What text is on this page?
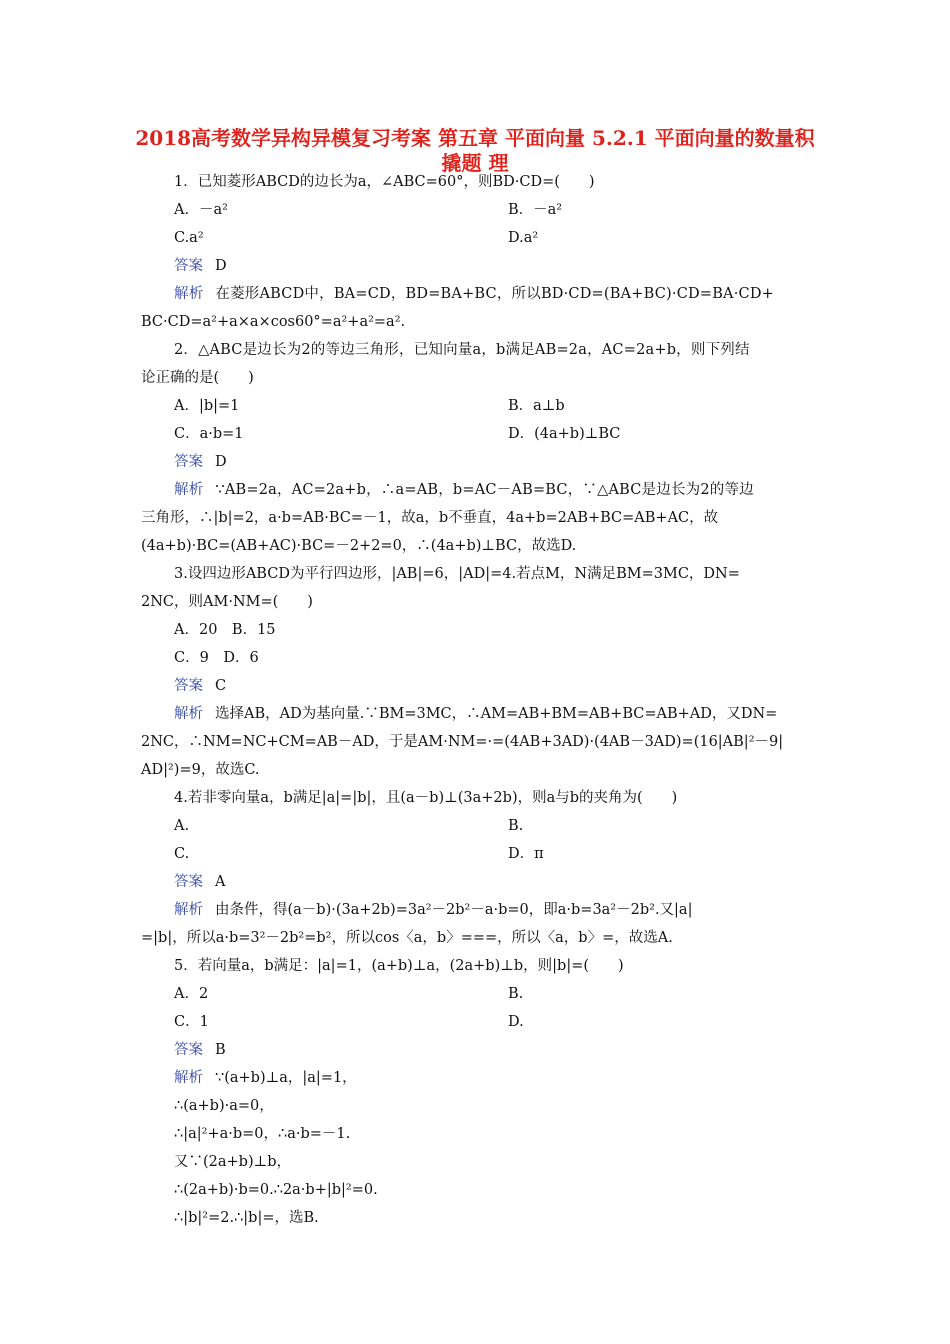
2018高考数学异构异模复习考案 第五章 平面向量 5.2.1 平面向量的数量积撬题 理
1．已知菱形ABCD的边长为a，∠ABC=60°，则BD·CD=(　　)
A．－a²	B．－a²
C.a²	D.a²
答案 D
解析 在菱形ABCD中，BA=CD，BD=BA+BC，所以BD·CD=(BA+BC)·CD=BA·CD+
BC·CD=a²+a×a×cos60°=a²+a²=a².
2．△ABC是边长为2的等边三角形，已知向量a，b满足AB=2a，AC=2a+b，则下列结
论正确的是(　　)
A．|b|=1	B．a⊥b
C．a·b=1	D．(4a+b)⊥BC
答案 D
解析 ∵AB=2a，AC=2a+b，∴a=AB，b=AC－AB=BC，∵△ABC是边长为2的等边
三角形，∴|b|=2，a·b=AB·BC=－1，故a，b不垂直，4a+b=2AB+BC=AB+AC，故
(4a+b)·BC=(AB+AC)·BC=－2+2=0，∴(4a+b)⊥BC，故选D.
3.设四边形ABCD为平行四边形，|AB|=6，|AD|=4.若点M，N满足BM=3MC，DN=
2NC，则AM·NM=(　　)
A．20　B．15
C．9　D．6
答案 C
解析 选择AB，AD为基向量.∵BM=3MC，∴AM=AB+BM=AB+BC=AB+AD，又DN=
2NC，∴NM=NC+CM=AB－AD，于是AM·NM=·=(4AB+3AD)·(4AB－3AD)=(16|AB|²－9|
AD|²)=9，故选C.
4.若非零向量a，b满足|a|=|b|，且(a－b)⊥(3a+2b)，则a与b的夹角为(　　)
A.	B.
C.	D．π
答案 A
解析 由条件，得(a－b)·(3a+2b)=3a²－2b²－a·b=0，即a·b=3a²－2b².又|a|
=|b|，所以a·b=3²－2b²=b²，所以cos〈a，b〉===，所以〈a，b〉=，故选A.
5．若向量a，b满足：|a|=1，(a+b)⊥a，(2a+b)⊥b，则|b|=(　　)
A．2	B.
C．1	D.
答案 B
解析 ∵(a+b)⊥a，|a|=1，
∴(a+b)·a=0，
∴|a|²+a·b=0，∴a·b=－1.
又∵(2a+b)⊥b，
∴(2a+b)·b=0.∴2a·b+|b|²=0.
∴|b|²=2.∴|b|=，选B.
